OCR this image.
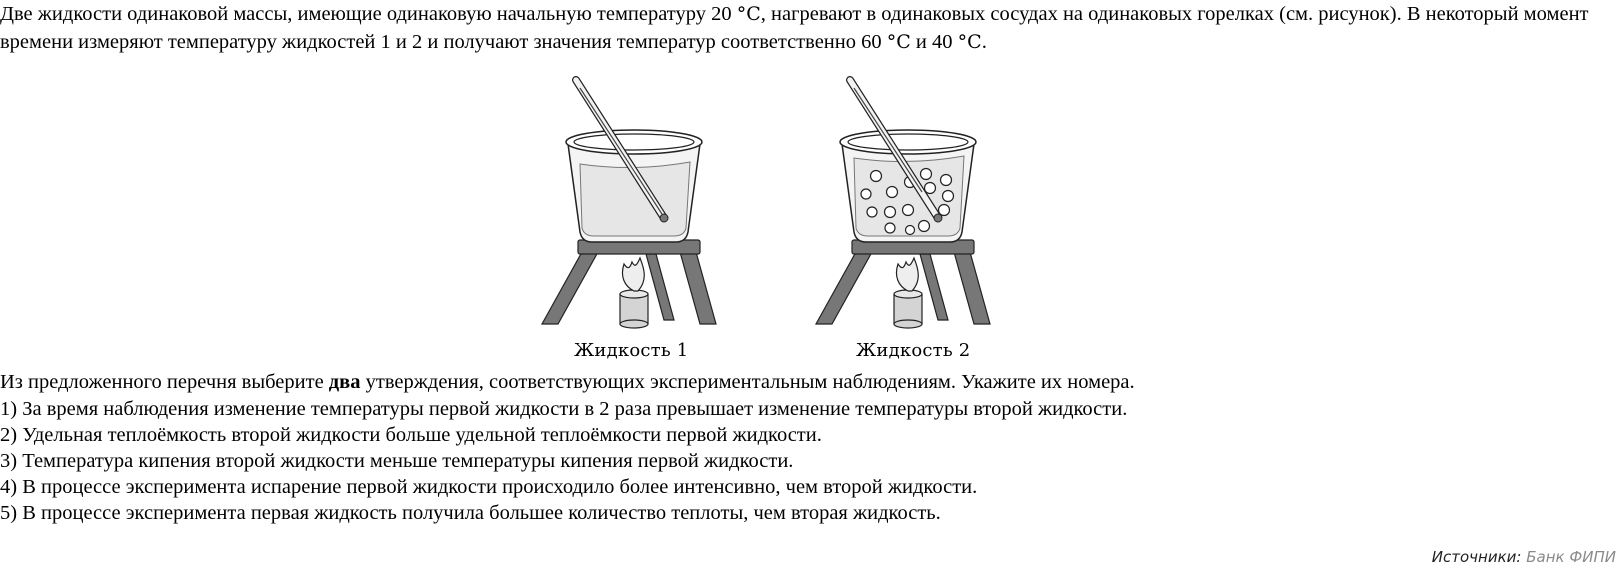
Две жидкости одинаковой массы, имеющие одинаковую начальную температуру 20 °C, нагревают в одинаковых сосудах на одинаковых горелках (см. рисунок). В некоторый момент времени измеряют температуру жидкостей 1 и 2 и получают значения температур соответственно 60 °C и 40 °C.

Жидкость 1	Жидкость 2

Из предложенного перечня выберите два утверждения, соответствующих экспериментальным наблюдениям. Укажите их номера.

1) За время наблюдения изменение температуры первой жидкости в 2 раза превышает изменение температуры второй жидкости.
2) Удельная теплоёмкость второй жидкости больше удельной теплоёмкости первой жидкости.
3) Температура кипения второй жидкости меньше температуры кипения первой жидкости.
4) В процессе эксперимента испарение первой жидкости происходило более интенсивно, чем второй жидкости.
5) В процессе эксперимента первая жидкость получила большее количество теплоты, чем вторая жидкость.
Источники: Банк ФИПИ
